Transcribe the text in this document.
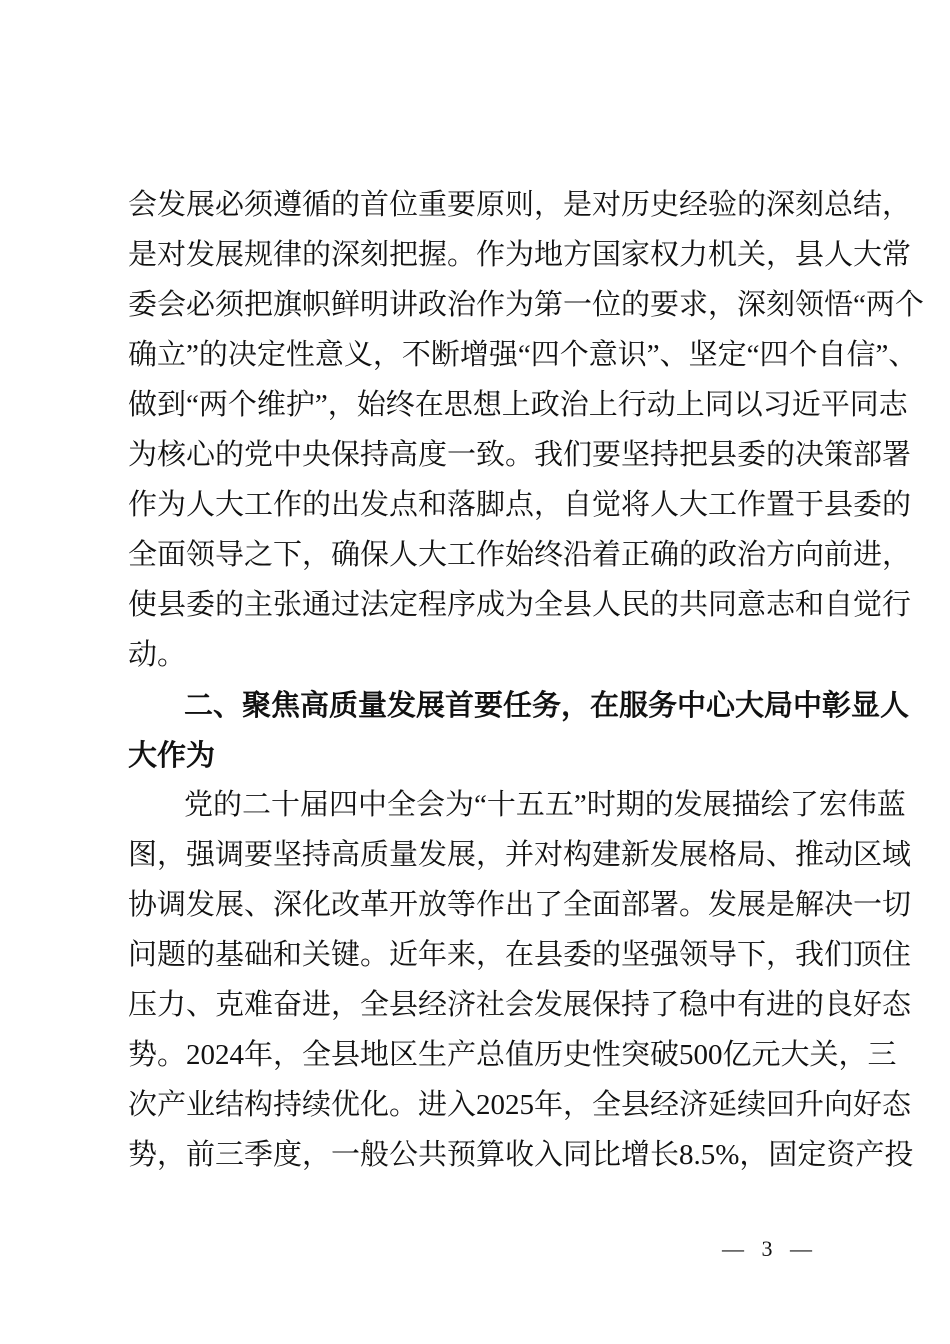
会发展必须遵循的首位重要原则，是对历史经验的深刻总结，
是对发展规律的深刻把握。作为地方国家权力机关，县人大常
委会必须把旗帜鲜明讲政治作为第一位的要求，深刻领悟“两个
确立”的决定性意义，不断增强“四个意识”、坚定“四个自信”、
做到“两个维护”，始终在思想上政治上行动上同以习近平同志
为核心的党中央保持高度一致。我们要坚持把县委的决策部署
作为人大工作的出发点和落脚点，自觉将人大工作置于县委的
全面领导之下，确保人大工作始终沿着正确的政治方向前进，
使县委的主张通过法定程序成为全县人民的共同意志和自觉行
动。
二、聚焦高质量发展首要任务，在服务中心大局中彰显人
大作为
党的二十届四中全会为“十五五”时期的发展描绘了宏伟蓝
图，强调要坚持高质量发展，并对构建新发展格局、推动区域
协调发展、深化改革开放等作出了全面部署。发展是解决一切
问题的基础和关键。近年来，在县委的坚强领导下，我们顶住
压力、克难奋进，全县经济社会发展保持了稳中有进的良好态
势。2024年，全县地区生产总值历史性突破500亿元大关，三
次产业结构持续优化。进入2025年，全县经济延续回升向好态
势，前三季度，一般公共预算收入同比增长8.5%，固定资产投
— 3 —
